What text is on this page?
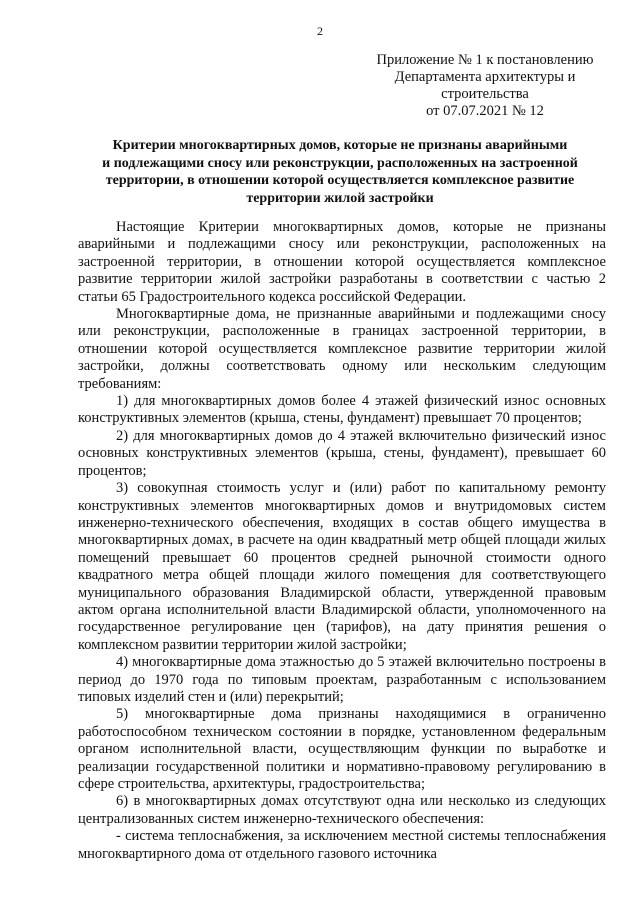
2
Приложение № 1 к постановлению
Департамента архитектуры и
строительства
от 07.07.2021 № 12
Критерии многоквартирных домов, которые не признаны аварийными
и подлежащими сносу или реконструкции, расположенных на застроенной
территории, в отношении которой осуществляется комплексное развитие
территории жилой застройки

Настоящие Критерии многоквартирных домов, которые не признаны аварийными и подлежащими сносу или реконструкции, расположенных на застроенной территории, в отношении которой осуществляется комплексное развитие территории жилой застройки разработаны в соответствии с частью 2 статьи 65 Градостроительного кодекса российской Федерации.

Многоквартирные дома, не признанные аварийными и подлежащими сносу или реконструкции, расположенные в границах застроенной территории, в отношении которой осуществляется комплексное развитие территории жилой застройки, должны соответствовать одному или нескольким следующим требованиям:

1) для многоквартирных домов более 4 этажей физический износ основных конструктивных элементов (крыша, стены, фундамент) превышает 70 процентов;

2) для многоквартирных домов до 4 этажей включительно физический износ основных конструктивных элементов (крыша, стены, фундамент), превышает 60 процентов;

3) совокупная стоимость услуг и (или) работ по капитальному ремонту конструктивных элементов многоквартирных домов и внутридомовых систем инженерно-технического обеспечения, входящих в состав общего имущества в многоквартирных домах, в расчете на один квадратный метр общей площади жилых помещений превышает 60 процентов средней рыночной стоимости одного квадратного метра общей площади жилого помещения для соответствующего муниципального образования Владимирской области, утвержденной правовым актом органа исполнительной власти Владимирской области, уполномоченного на государственное регулирование цен (тарифов), на дату принятия решения о комплексном развитии территории жилой застройки;

4) многоквартирные дома этажностью до 5 этажей включительно построены в период до 1970 года по типовым проектам, разработанным с использованием типовых изделий стен и (или) перекрытий;

5) многоквартирные дома признаны находящимися в ограниченно работоспособном техническом состоянии в порядке, установленном федеральным органом исполнительной власти, осуществляющим функции по выработке и реализации государственной политики и нормативно-правовому регулированию в сфере строительства, архитектуры, градостроительства;

6) в многоквартирных домах отсутствуют одна или несколько из следующих централизованных систем инженерно-технического обеспечения:

- система теплоснабжения, за исключением местной системы теплоснабжения многоквартирного дома от отдельного газового источника
